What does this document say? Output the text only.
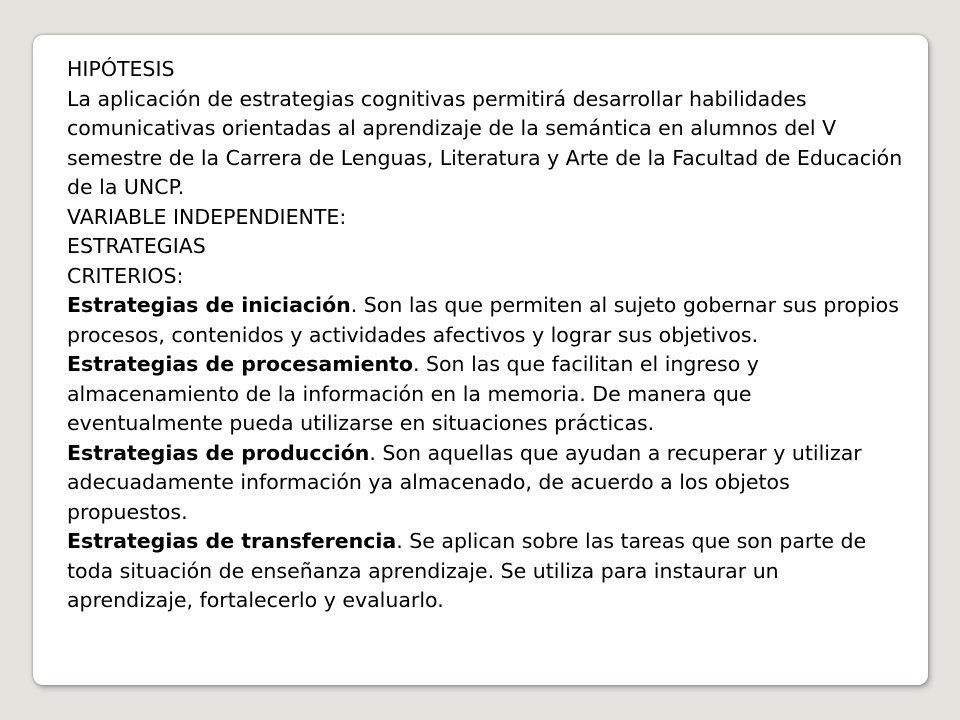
HIPÓTESIS

La aplicación de estrategias cognitivas permitirá desarrollar habilidades comunicativas orientadas al aprendizaje de la semántica en alumnos del V semestre de la Carrera de Lenguas, Literatura y Arte de la Facultad de Educación de la UNCP.

VARIABLE INDEPENDIENTE:

ESTRATEGIAS

CRITERIOS:

Estrategias de iniciación. Son las que permiten al sujeto gobernar sus propios procesos, contenidos y actividades afectivos y lograr sus objetivos.

Estrategias de procesamiento. Son las que facilitan el ingreso y almacenamiento de la información en la memoria. De manera que eventualmente pueda utilizarse en situaciones prácticas.

Estrategias de producción. Son aquellas que ayudan a recuperar y utilizar adecuadamente información ya almacenado, de acuerdo a los objetos propuestos.

Estrategias de transferencia. Se aplican sobre las tareas que son parte de toda situación de enseñanza aprendizaje. Se utiliza para instaurar un aprendizaje, fortalecerlo y evaluarlo.
